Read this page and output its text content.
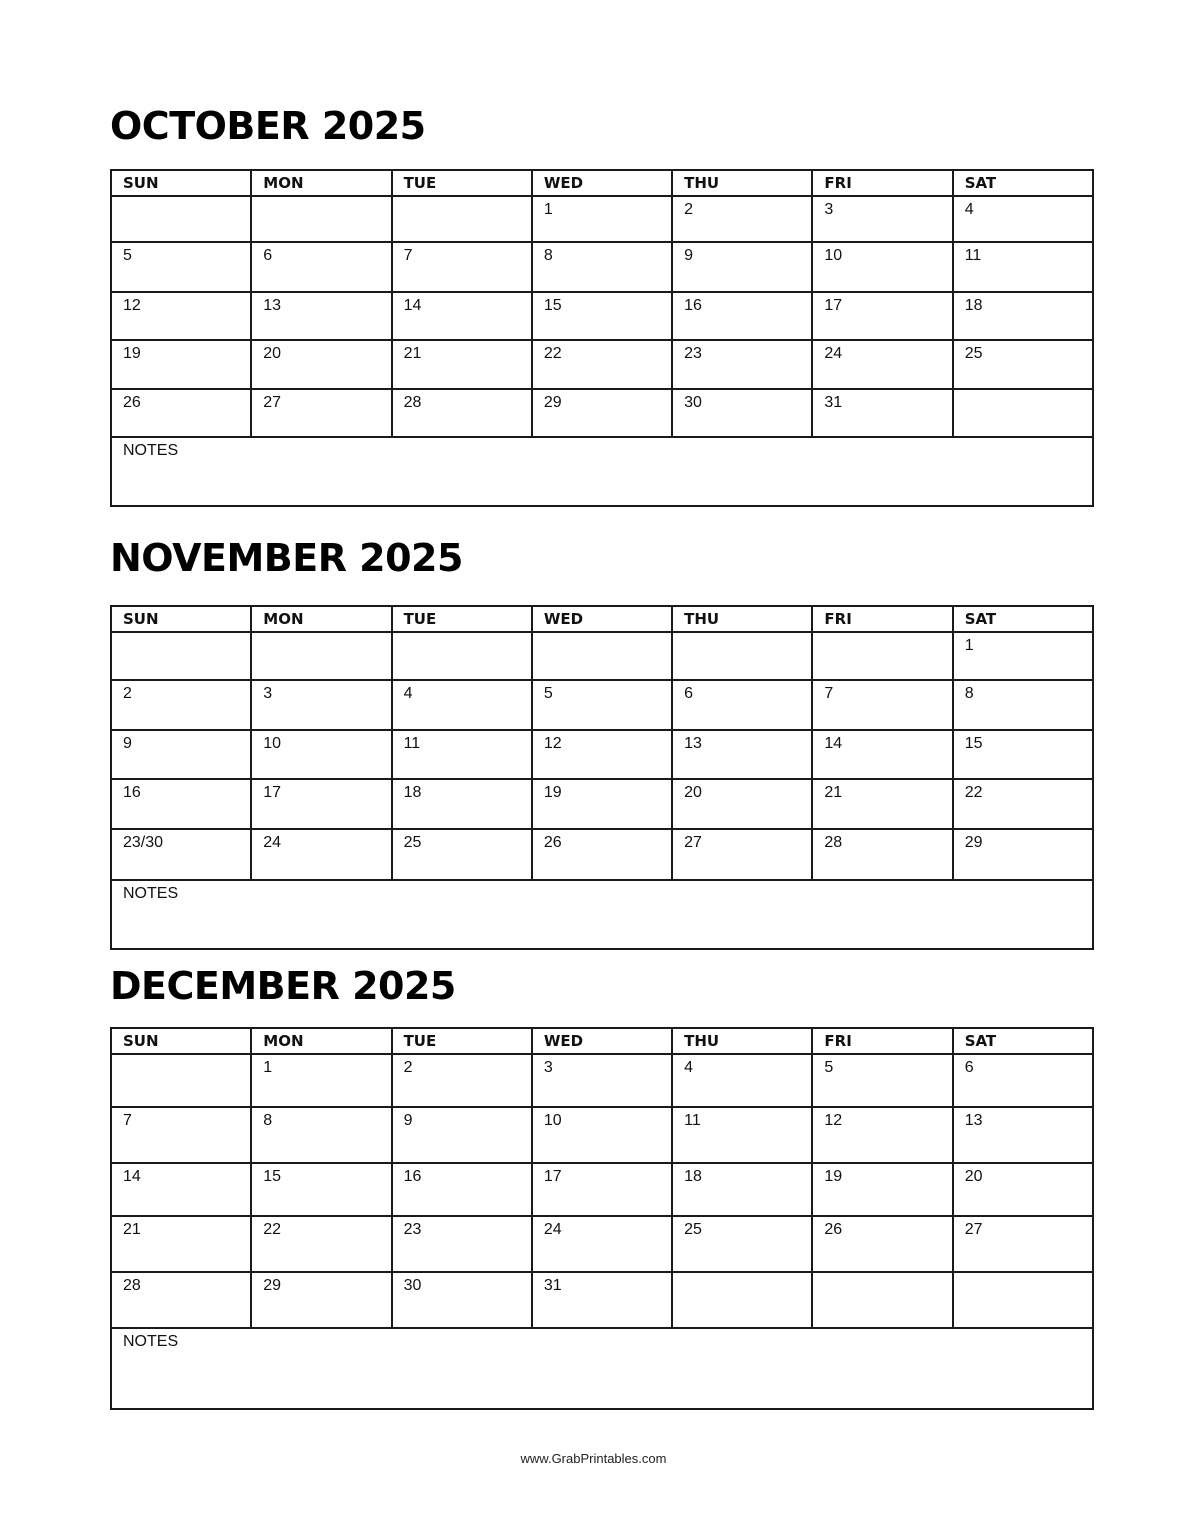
OCTOBER 2025
SUN	MON	TUE	WED	THU	FRI	SAT
			1	2	3	4
5	6	7	8	9	10	11
12	13	14	15	16	17	18
19	20	21	22	23	24	25
26	27	28	29	30	31	
NOTES						
NOVEMBER 2025
SUN	MON	TUE	WED	THU	FRI	SAT
						1
2	3	4	5	6	7	8
9	10	11	12	13	14	15
16	17	18	19	20	21	22
23/30	24	25	26	27	28	29
NOTES						
DECEMBER 2025
SUN	MON	TUE	WED	THU	FRI	SAT
	1	2	3	4	5	6
7	8	9	10	11	12	13
14	15	16	17	18	19	20
21	22	23	24	25	26	27
28	29	30	31			
NOTES						
www.GrabPrintables.com
